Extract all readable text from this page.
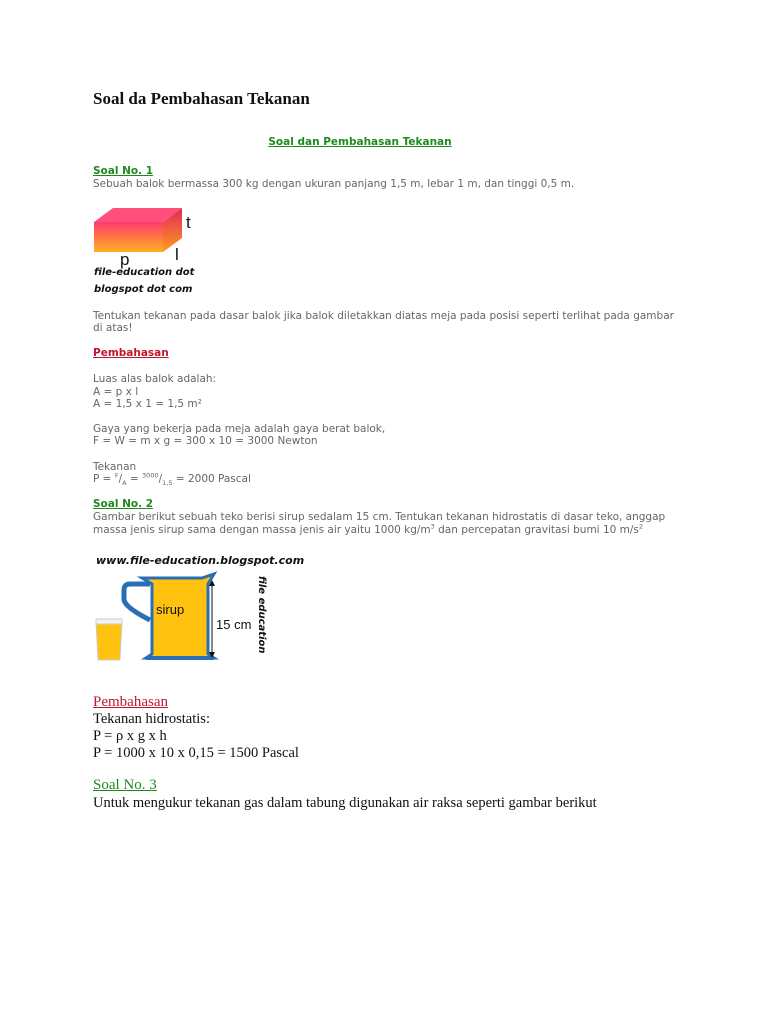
Soal da Pembahasan Tekanan
Soal dan Pembahasan Tekanan
Soal No. 1
Sebuah balok bermassa 300 kg dengan ukuran panjang 1,5 m, lebar 1 m, dan tinggi 0,5 m.
t
p	l
file-education dot
blogspot dot com
Tentukan tekanan pada dasar balok jika balok diletakkan diatas meja pada posisi seperti terlihat pada gambar
di atas!
Pembahasan
Luas alas balok adalah:
A = p x l
A = 1,5 x 1 = 1,5 m²
Gaya yang bekerja pada meja adalah gaya berat balok,
F = W = m x g = 300 x 10 = 3000 Newton
Tekanan
$P = ^F/_A = ^{3000}/_{1,5} = 2000$ Pascal
Soal No. 2
Gambar berikut sebuah teko berisi sirup sedalam 15 cm. Tentukan tekanan hidrostatis di dasar teko, anggap
massa jenis sirup sama dengan massa jenis air yaitu 1000 $kg/m^3$ dan percepatan gravitasi bumi 10 $m/s^2$
www.file-education.blogspot.com
sirup
15 cm file education
Pembahasan
Tekanan hidrostatis:
P = ρ x g x h
P = 1000 x 10 x 0,15 = 1500 Pascal
Soal No. 3
Untuk mengukur tekanan gas dalam tabung digunakan air raksa seperti gambar berikut
